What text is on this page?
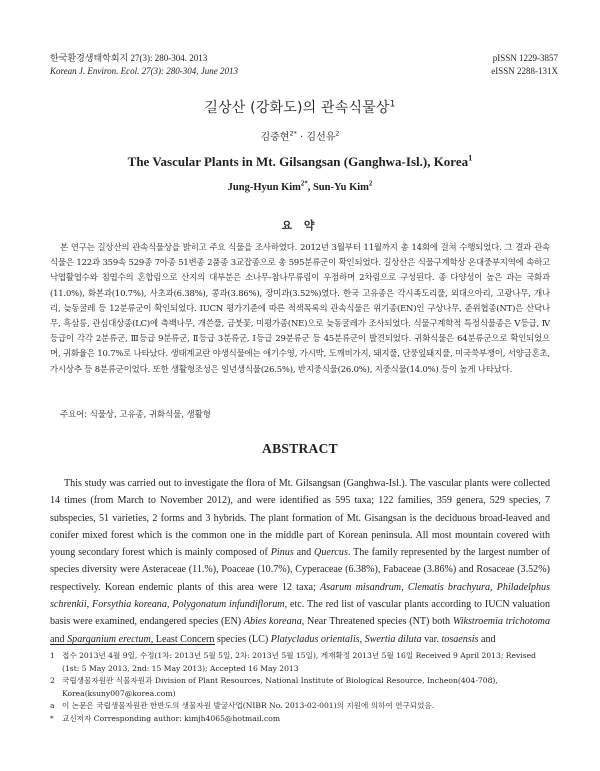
한국환경생태학회지 27(3): 280-304. 2013
Korean J. Environ. Ecol. 27(3): 280-304, June 2013
pISSN 1229-3857
eISSN 2288-131X
길상산 (강화도)의 관속식물상$^1$
김중현$^{2*}$ · 김선유$^2$
The Vascular Plants in Mt. Gilsangsan (Ganghwa-Isl.), Korea$^1$
Jung-Hyun Kim$^{2*}$, Sun-Yu Kim$^2$
요 약

본 연구는 길상산의 관속식물상을 밝히고 주요 식물을 조사하였다. 2012년 3월부터 11월까지 총 14회에 걸쳐 수행되었다. 그 결과 관속식물은 122과 359속 529종 7아종 51변종 2품종 3교잡종으로 총 595분류군이 확인되었다. 길상산은 식물구계학상 온대중부지역에 속하고 낙엽활엽수와 침엽수의 혼합림으로 산지의 대부분은 소나무-참나무류림이 우점하며 2차림으로 구성된다. 종 다양성이 높은 과는 국화과(11.0%), 화본과(10.7%), 사초과(6.38%), 콩과(3.86%), 장미과(3.52%)였다. 한국 고유종은 각시족도리풀, 외대으아리, 고광나무, 개나리, 늦동굴레 등 12분류군이 확인되었다. IUCN 평가기준에 따른 적색목록의 관속식물은 위기종(EN)인 구상나무, 준위협종(NT)은 산닥나무, 흑삼릉, 관심대상종(LC)에 측백나무, 개쓴풀, 금붓꽃, 미평가종(NE)으로 늦동굴레가 조사되었다. 식물구계학적 특정식물종은 Ⅴ등급, Ⅳ등급이 각각 2분류군, Ⅲ등급 9분류군, Ⅱ등급 3분류군, Ⅰ등급 29분류군 등 45분류군이 발견되었다. 귀화식물은 64분류군으로 확인되었으며, 귀화율은 10.7%로 나타났다. 생태계교란 야생식물에는 애기수영, 가시박, 도깨비가지, 돼지풀, 단풍잎돼지풀, 미국쑥부쟁이, 서양금혼초, 가시상추 등 8분류군이었다. 또한 생활형조성은 일년생식물(26.5%), 반지중식물(26.0%), 지중식물(14.0%) 등이 높게 나타났다.

주요어: 식물상, 고유종, 귀화식물, 생활형

ABSTRACT

This study was carried out to investigate the flora of Mt. Gilsangsan (Ganghwa-Isl.). The vascular plants were collected 14 times (from March to November 2012), and were identified as 595 taxa; 122 families, 359 genera, 529 species, 7 subspecies, 51 varieties, 2 forms and 3 hybrids. The plant formation of Mt. Gisangsan is the deciduous broad-leaved and conifer mixed forest which is the common one in the middle part of Korean peninsula. All most mountain covered with young secondary forest which is mainly composed of Pinus and Quercus. The family represented by the largest number of species diversity were Asteraceae (11.%), Poaceae (10.7%), Cyperaceae (6.38%), Fabaceae (3.86%) and Rosaceae (3.52%) respectively. Korean endemic plants of this area were 12 taxa; Asarum misandrum, Clematis brachyura, Philadelphus schrenkii, Forsythia koreana, Polygonatum infundiflorum, etc. The red list of vascular plants according to IUCN valuation basis were examined, endangered species (EN) Abies koreana, Near Threatened species (NT) both Wikstroemia trichotoma and Sparganium erectum, Least Concern species (LC) Platycladus orientalis, Swertia diluta var. tosaensis and

1 접수 2013년 4월 9일, 수정(1차: 2013년 5월 5일, 2차: 2013년 5월 15일), 게재확정 2013년 5월 16일 Received 9 April 2013; Revised (1st: 5 May 2013, 2nd: 15 May 2013); Accepted 16 May 2013

2 국립생물자원관 식물자원과 Division of Plant Resources, National Institute of Biological Resource, Incheon(404-708), Korea(ksuny007@korea.com)

a 이 논문은 국립생물자원관 한반도의 생물자원 발굴사업(NIBR No. 2013-02-001)의 지원에 의하여 연구되었음.

* 교신저자 Corresponding author: kimjh4065@hotmail.com
